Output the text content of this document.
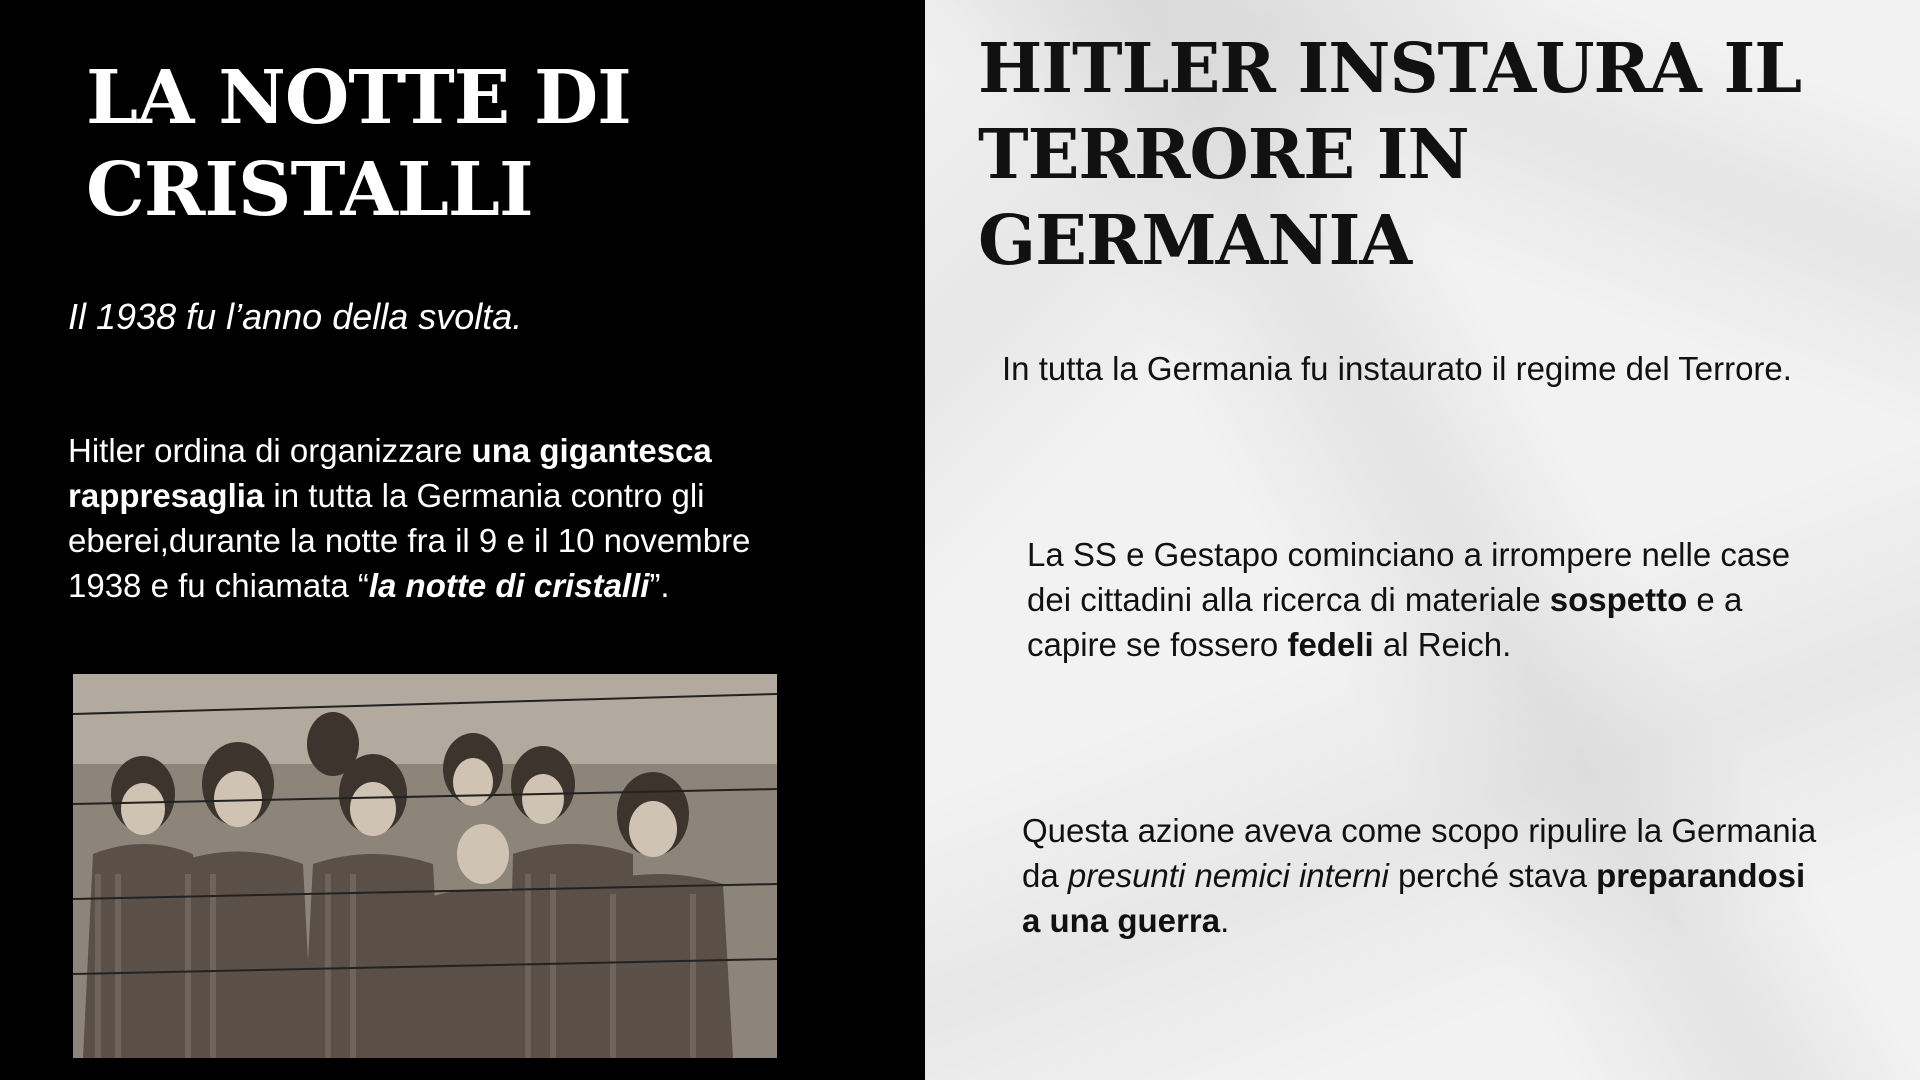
LA NOTTE DI
CRISTALLI
Il 1938 fu l’anno della svolta.
Hitler ordina di organizzare una gigantesca rappresaglia in tutta la Germania contro gli eberei,durante la notte fra il 9 e il 10 novembre 1938 e fu chiamata “la notte di cristalli”.
HITLER INSTAURA IL
TERRORE IN
GERMANIA
In tutta la Germania fu instaurato il regime del Terrore.
La SS e Gestapo cominciano a irrompere nelle case dei cittadini alla ricerca di materiale sospetto e a capire se fossero fedeli al Reich.
Questa azione aveva come scopo ripulire la Germania da presunti nemici interni perché stava preparandosi a una guerra.
